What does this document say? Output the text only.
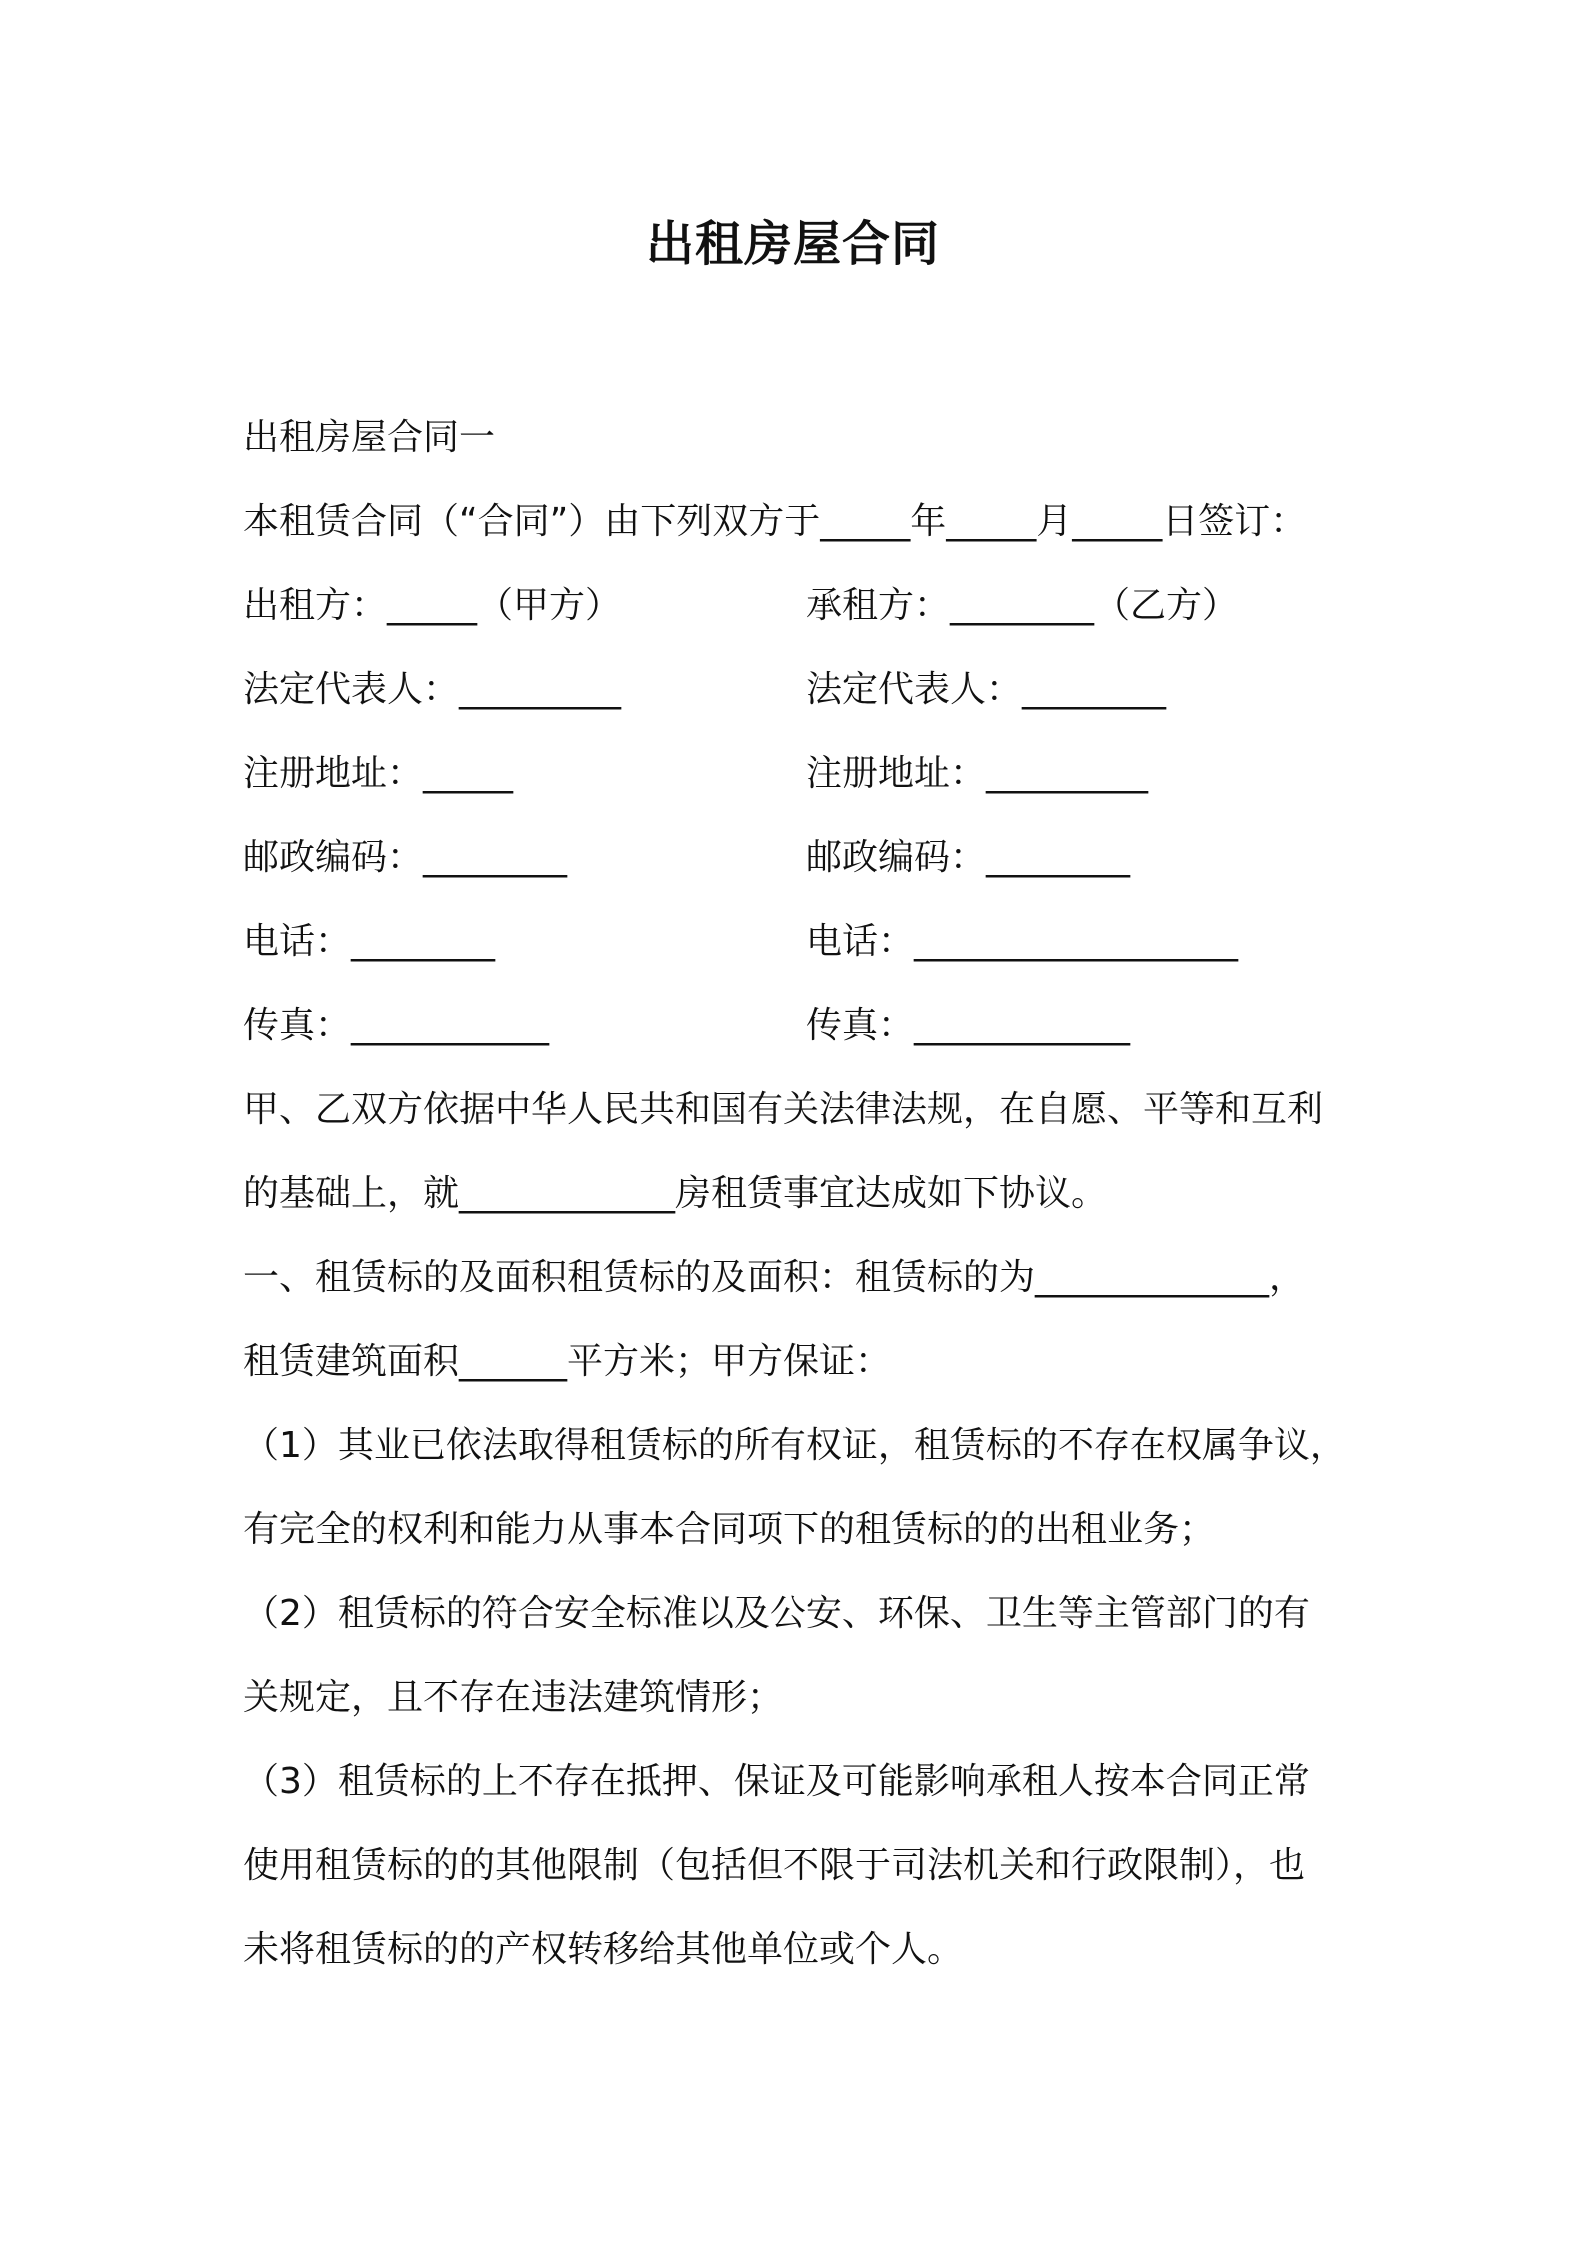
出租房屋合同
出租房屋合同一
本租赁合同（“合同”）由下列双方于_____年_____月_____日签订：
出租方：_____（甲方）
法定代表人：_________
注册地址：_____
邮政编码：________
电话：________
传真：___________
承租方：________（乙方）
法定代表人：________
注册地址：_________
邮政编码：________
电话：__________________
传真：____________
甲、乙双方依据中华人民共和国有关法律法规，在自愿、平等和互利
的基础上，就____________房租赁事宜达成如下协议。
一、租赁标的及面积租赁标的及面积：租赁标的为_____________，
租赁建筑面积______平方米；甲方保证：
（1）其业已依法取得租赁标的所有权证，租赁标的不存在权属争议，
有完全的权利和能力从事本合同项下的租赁标的的出租业务；
（2）租赁标的符合安全标准以及公安、环保、卫生等主管部门的有
关规定，且不存在违法建筑情形；
（3）租赁标的上不存在抵押、保证及可能影响承租人按本合同正常
使用租赁标的的其他限制（包括但不限于司法机关和行政限制），也
未将租赁标的的产权转移给其他单位或个人。
